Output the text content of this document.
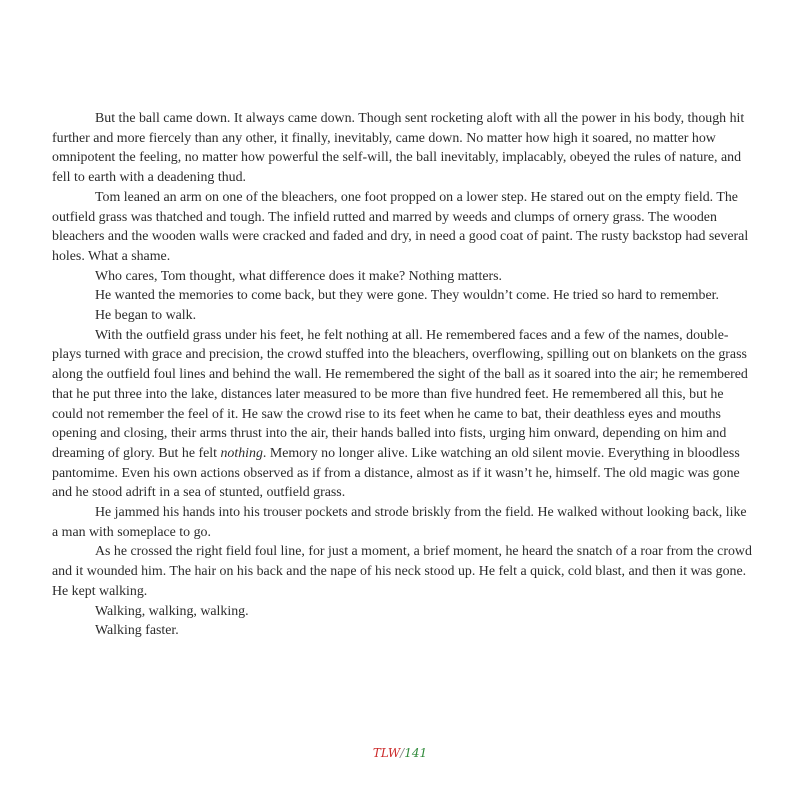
But the ball came down. It always came down. Though sent rocketing aloft with all the power in his body, though hit further and more fiercely than any other, it finally, inevitably, came down. No matter how high it soared, no matter how omnipotent the feeling, no matter how powerful the self-will, the ball inevitably, implacably, obeyed the rules of nature, and fell to earth with a deadening thud.

Tom leaned an arm on one of the bleachers, one foot propped on a lower step. He stared out on the empty field. The outfield grass was thatched and tough. The infield rutted and marred by weeds and clumps of ornery grass. The wooden bleachers and the wooden walls were cracked and faded and dry, in need a good coat of paint. The rusty backstop had several holes. What a shame.

Who cares, Tom thought, what difference does it make? Nothing matters.

He wanted the memories to come back, but they were gone. They wouldn’t come. He tried so hard to remember.

He began to walk.

With the outfield grass under his feet, he felt nothing at all. He remembered faces and a few of the names, double-plays turned with grace and precision, the crowd stuffed into the bleachers, overflowing, spilling out on blankets on the grass along the outfield foul lines and behind the wall. He remembered the sight of the ball as it soared into the air; he remembered that he put three into the lake, distances later measured to be more than five hundred feet. He remembered all this, but he could not remember the feel of it. He saw the crowd rise to its feet when he came to bat, their deathless eyes and mouths opening and closing, their arms thrust into the air, their hands balled into fists, urging him onward, depending on him and dreaming of glory. But he felt nothing. Memory no longer alive. Like watching an old silent movie. Everything in bloodless pantomime. Even his own actions observed as if from a distance, almost as if it wasn’t he, himself. The old magic was gone and he stood adrift in a sea of stunted, outfield grass.

He jammed his hands into his trouser pockets and strode briskly from the field. He walked without looking back, like a man with someplace to go.

As he crossed the right field foul line, for just a moment, a brief moment, he heard the snatch of a roar from the crowd and it wounded him. The hair on his back and the nape of his neck stood up. He felt a quick, cold blast, and then it was gone. He kept walking.

Walking, walking, walking.

Walking faster.

TLW/141
